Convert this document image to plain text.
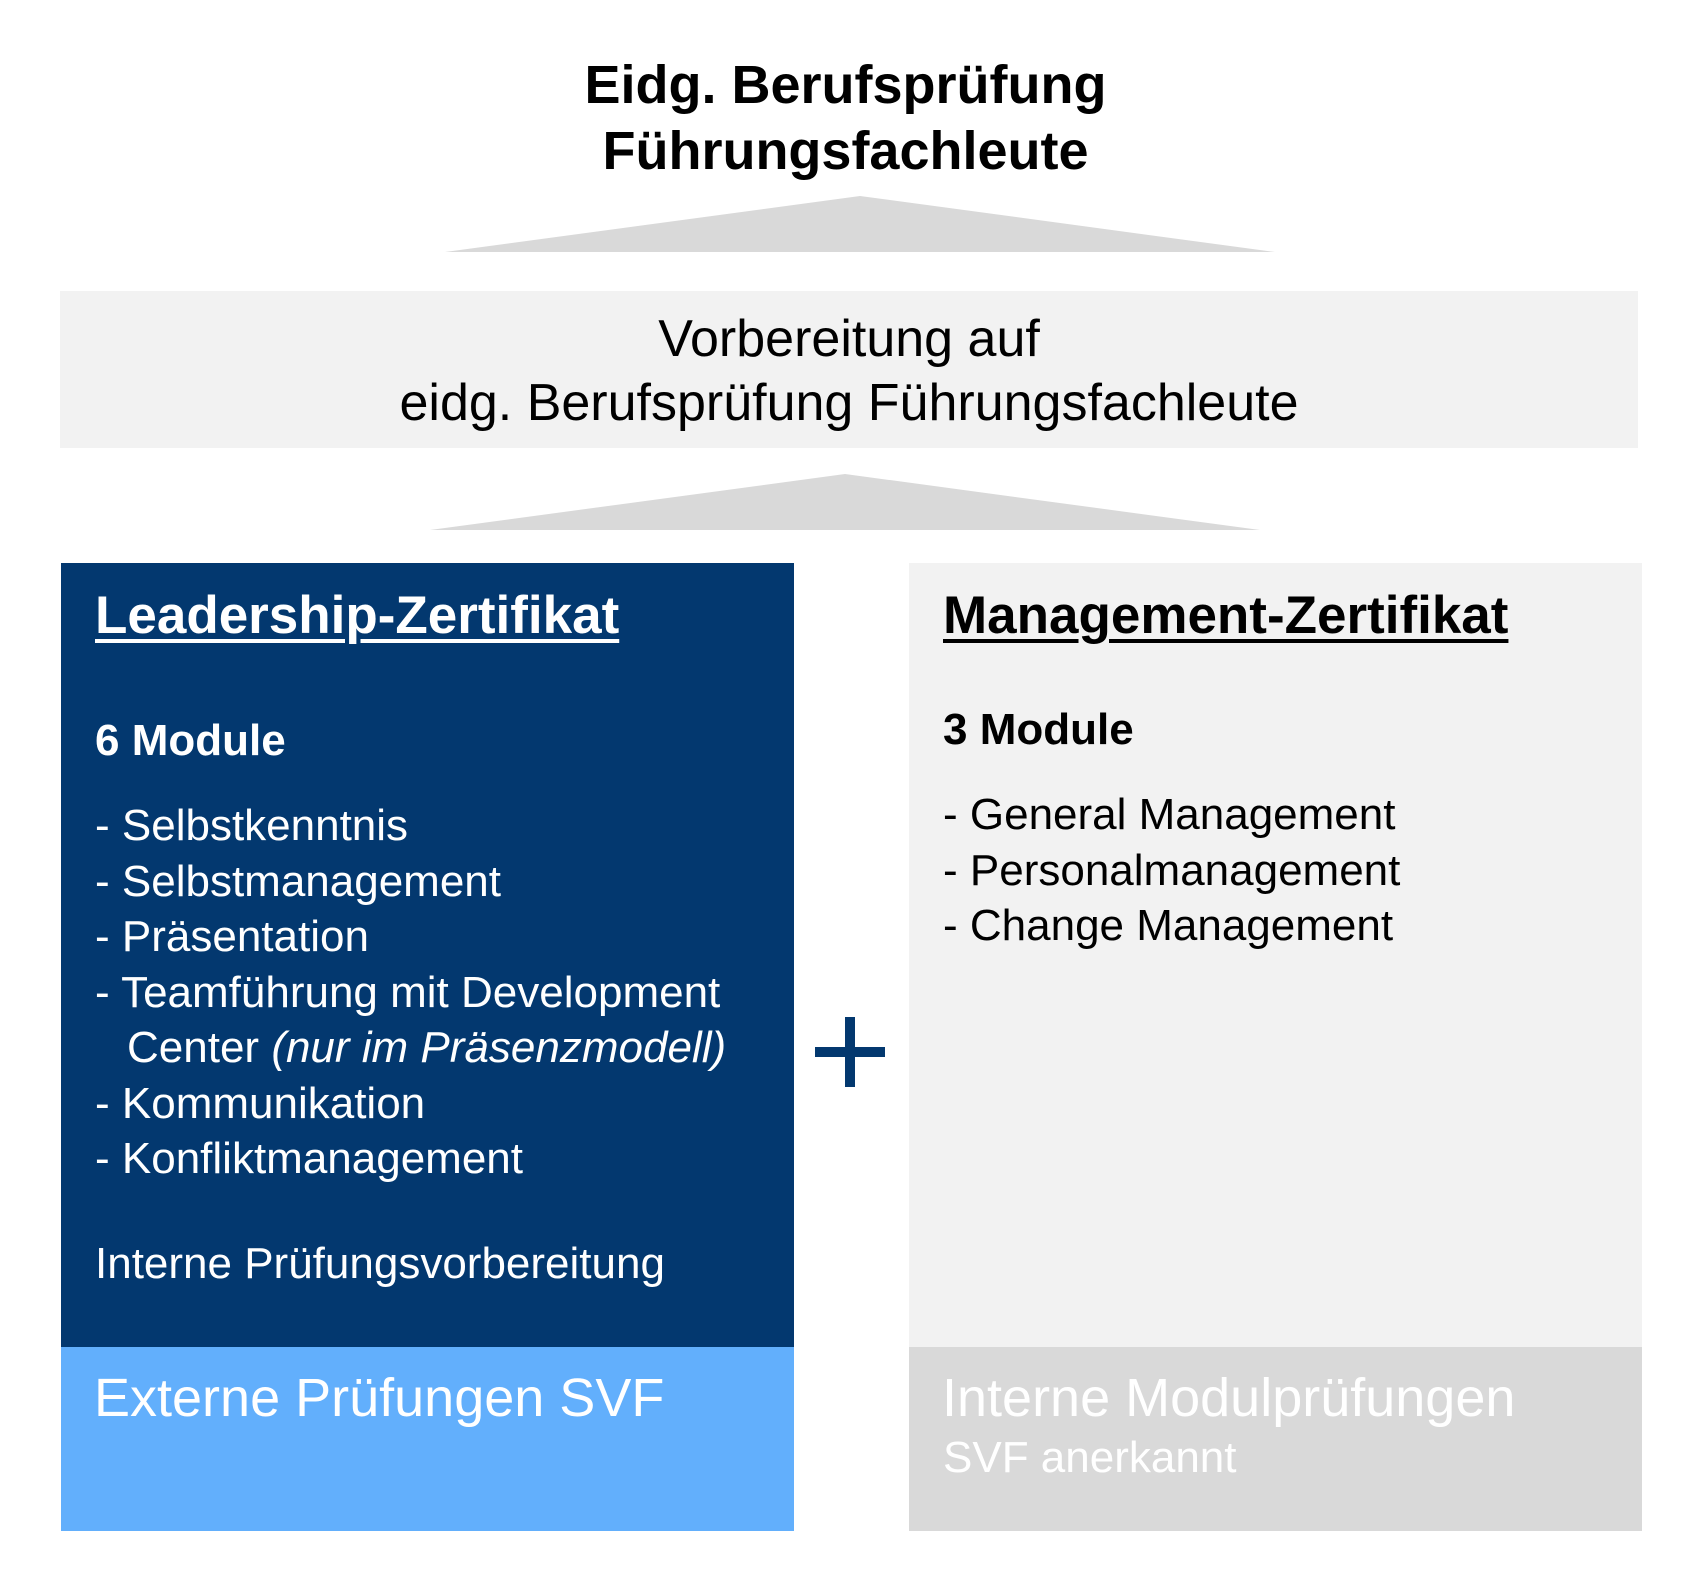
Eidg. Berufsprüfung
Führungsfachleute
Vorbereitung auf
eidg. Berufsprüfung Führungsfachleute
Leadership-Zertifikat
6 Module
- Selbstkenntnis
- Selbstmanagement
- Präsentation
- Teamführung mit Development
Center (nur im Präsenzmodell)
- Kommunikation
- Konfliktmanagement
Interne Prüfungsvorbereitung
Externe Prüfungen SVF
Management-Zertifikat
3 Module
- General Management
- Personalmanagement
- Change Management
Interne Modulprüfungen
SVF anerkannt
